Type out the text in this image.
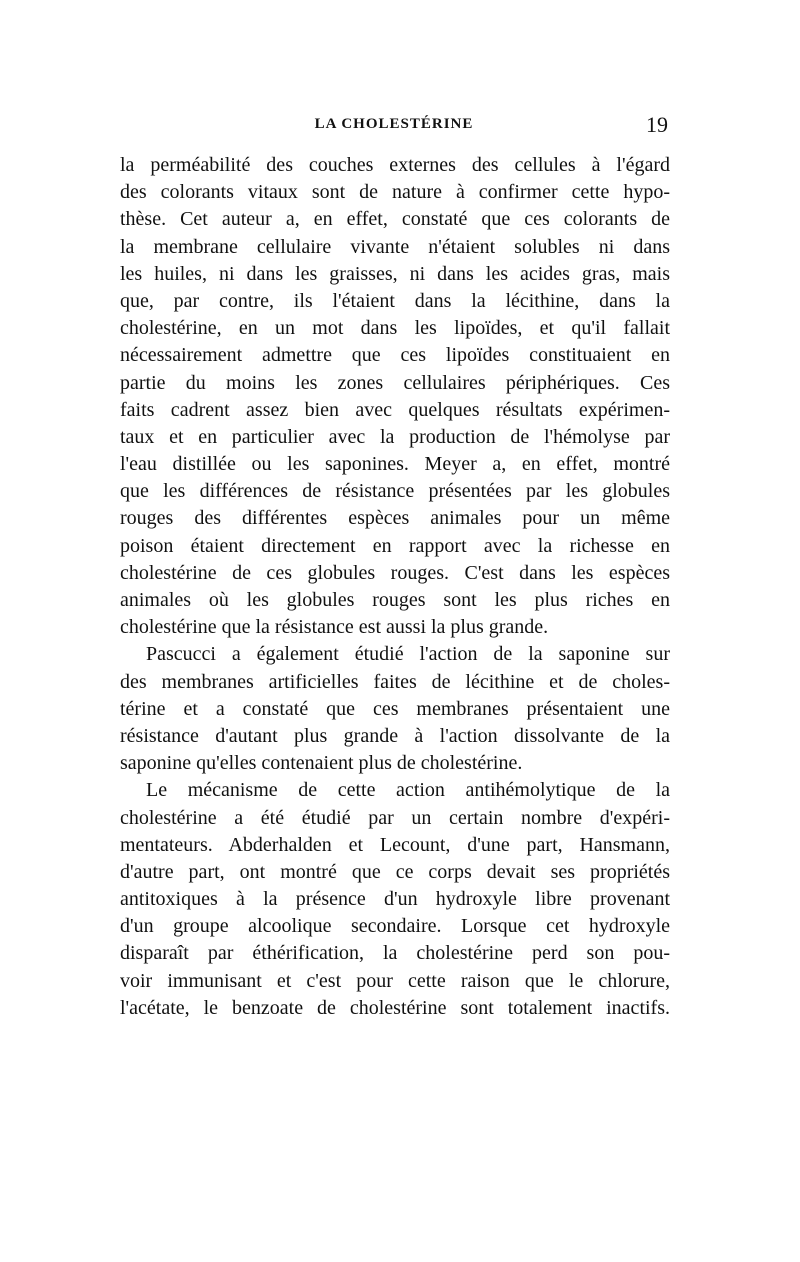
LA CHOLESTÉRINE	19
la perméabilité des couches externes des cellules à l'égard
des colorants vitaux sont de nature à confirmer cette hypo-
thèse. Cet auteur a, en effet, constaté que ces colorants de
la membrane cellulaire vivante n'étaient solubles ni dans
les huiles, ni dans les graisses, ni dans les acides gras, mais
que, par contre, ils l'étaient dans la lécithine, dans la
cholestérine, en un mot dans les lipoïdes, et qu'il fallait
nécessairement admettre que ces lipoïdes constituaient en
partie du moins les zones cellulaires périphériques. Ces
faits cadrent assez bien avec quelques résultats expérimen-
taux et en particulier avec la production de l'hémolyse par
l'eau distillée ou les saponines. Meyer a, en effet, montré
que les différences de résistance présentées par les globules
rouges des différentes espèces animales pour un même
poison étaient directement en rapport avec la richesse en
cholestérine de ces globules rouges. C'est dans les espèces
animales où les globules rouges sont les plus riches en
cholestérine que la résistance est aussi la plus grande.
Pascucci a également étudié l'action de la saponine sur
des membranes artificielles faites de lécithine et de choles-
térine et a constaté que ces membranes présentaient une
résistance d'autant plus grande à l'action dissolvante de la
saponine qu'elles contenaient plus de cholestérine.
Le mécanisme de cette action antihémolytique de la
cholestérine a été étudié par un certain nombre d'expéri-
mentateurs. Abderhalden et Lecount, d'une part, Hansmann,
d'autre part, ont montré que ce corps devait ses propriétés
antitoxiques à la présence d'un hydroxyle libre provenant
d'un groupe alcoolique secondaire. Lorsque cet hydroxyle
disparaît par éthérification, la cholestérine perd son pou-
voir immunisant et c'est pour cette raison que le chlorure,
l'acétate, le benzoate de cholestérine sont totalement inactifs.
